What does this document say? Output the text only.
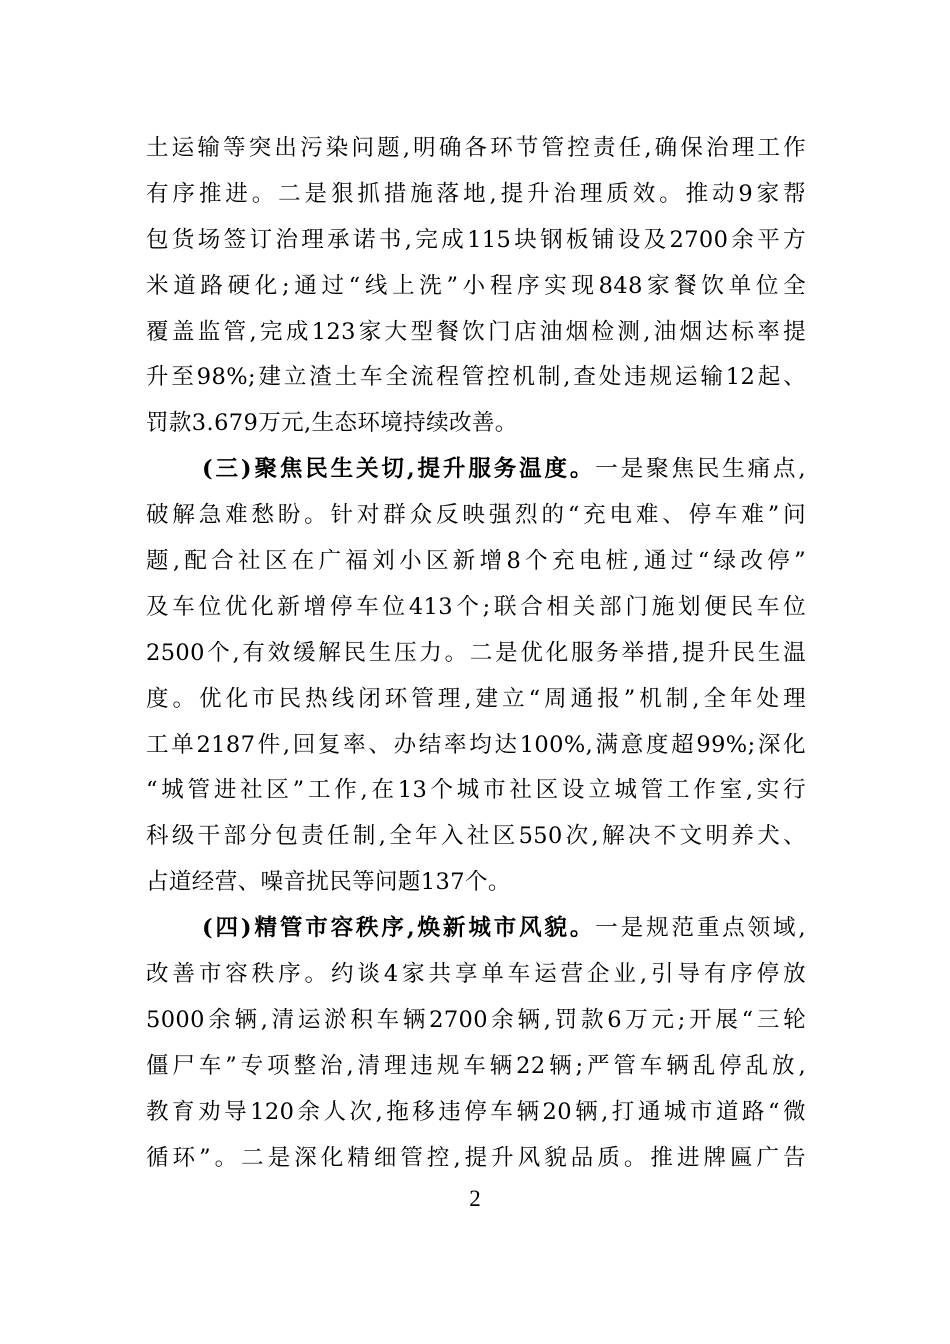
土运输等突出污染问题,明确各环节管控责任,确保治理工作
有序推进。二是狠抓措施落地,提升治理质效。推动9家帮
包货场签订治理承诺书,完成115块钢板铺设及2700余平方
米道路硬化;通过“线上洗”小程序实现848家餐饮单位全
覆盖监管,完成123家大型餐饮门店油烟检测,油烟达标率提
升至98%;建立渣土车全流程管控机制,查处违规运输12起、
罚款3.679万元,生态环境持续改善。
(三)聚焦民生关切,提升服务温度。一是聚焦民生痛点,
破解急难愁盼。针对群众反映强烈的“充电难、停车难”问
题,配合社区在广福刘小区新增8个充电桩,通过“绿改停”
及车位优化新增停车位413个;联合相关部门施划便民车位
2500个,有效缓解民生压力。二是优化服务举措,提升民生温
度。优化市民热线闭环管理,建立“周通报”机制,全年处理
工单2187件,回复率、办结率均达100%,满意度超99%;深化
“城管进社区”工作,在13个城市社区设立城管工作室,实行
科级干部分包责任制,全年入社区550次,解决不文明养犬、
占道经营、噪音扰民等问题137个。
(四)精管市容秩序,焕新城市风貌。一是规范重点领域,
改善市容秩序。约谈4家共享单车运营企业,引导有序停放
5000余辆,清运淤积车辆2700余辆,罚款6万元;开展“三轮
僵尸车”专项整治,清理违规车辆22辆;严管车辆乱停乱放,
教育劝导120余人次,拖移违停车辆20辆,打通城市道路“微
循环”。二是深化精细管控,提升风貌品质。推进牌匾广告
2
